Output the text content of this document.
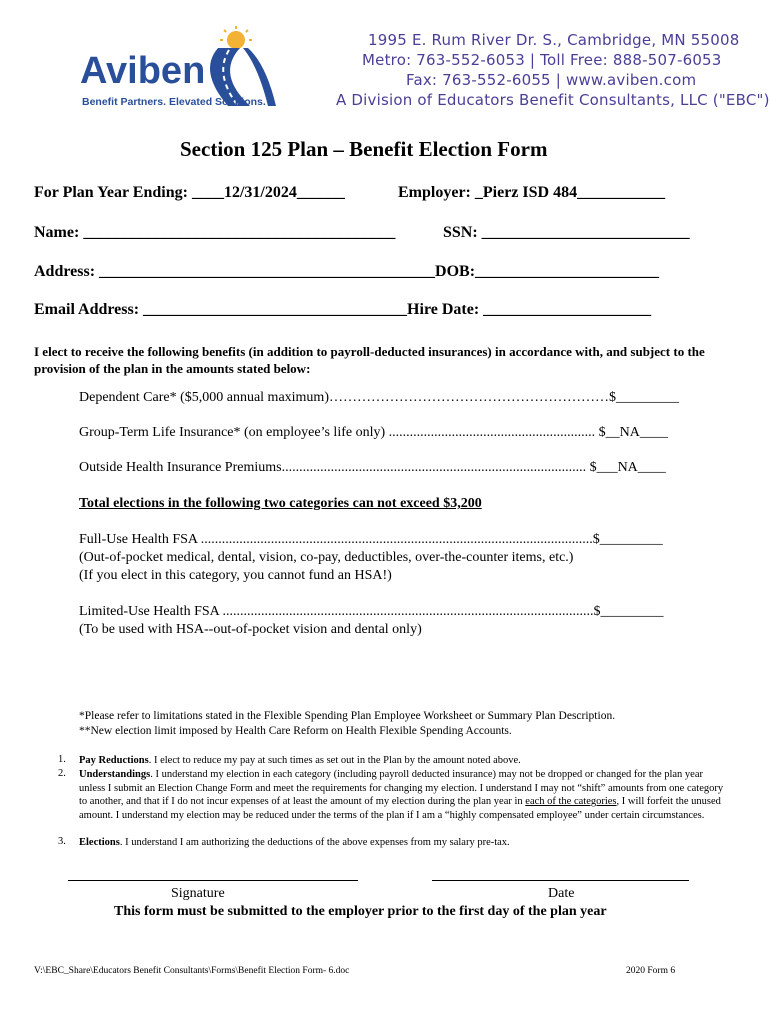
Aviben
Benefit Partners. Elevated Solutions.
1995 E. Rum River Dr. S., Cambridge, MN 55008
Metro: 763-552-6053 | Toll Free: 888-507-6053
Fax: 763-552-6055 | www.aviben.com
A Division of Educators Benefit Consultants, LLC ("EBC")
Section 125 Plan – Benefit Election Form
For Plan Year Ending: ____12/31/2024______	Employer: _Pierz ISD 484___________
Name: _______________________________________	SSN: __________________________
Address: __________________________________________DOB:_______________________
Email Address: _________________________________Hire Date: _____________________
I elect to receive the following benefits (in addition to payroll-deducted insurances) in accordance with, and subject to the provision of the plan in the amounts stated below:
Dependent Care* ($5,000 annual maximum)……………………………………………………$_________
Group-Term Life Insurance* (on employee’s life only) ........................................................... $__NA____
Outside Health Insurance Premiums....................................................................................... $___NA____
Total elections in the following two categories can not exceed $3,200
Full-Use Health FSA ................................................................................................................$_________
(Out-of-pocket medical, dental, vision, co-pay, deductibles, over-the-counter items, etc.)
(If you elect in this category, you cannot fund an HSA!)
Limited-Use Health FSA ..........................................................................................................$_________
(To be used with HSA--out-of-pocket vision and dental only)
*Please refer to limitations stated in the Flexible Spending Plan Employee Worksheet or Summary Plan Description.
**New election limit imposed by Health Care Reform on Health Flexible Spending Accounts.
1. Pay Reductions. I elect to reduce my pay at such times as set out in the Plan by the amount noted above.
2. Understandings. I understand my election in each category (including payroll deducted insurance) may not be dropped or changed for the plan year unless I submit an Election Change Form and meet the requirements for changing my election. I understand I may not “shift” amounts from one category to another, and that if I do not incur expenses of at least the amount of my election during the plan year in each of the categories, I will forfeit the unused amount. I understand my election may be reduced under the terms of the plan if I am a “highly compensated employee” under certain circumstances.
3. Elections. I understand I am authorizing the deductions of the above expenses from my salary pre-tax.
Signature	Date
This form must be submitted to the employer prior to the first day of the plan year
V:\EBC_Share\Educators Benefit Consultants\Forms\Benefit Election Form- 6.doc	2020 Form 6
